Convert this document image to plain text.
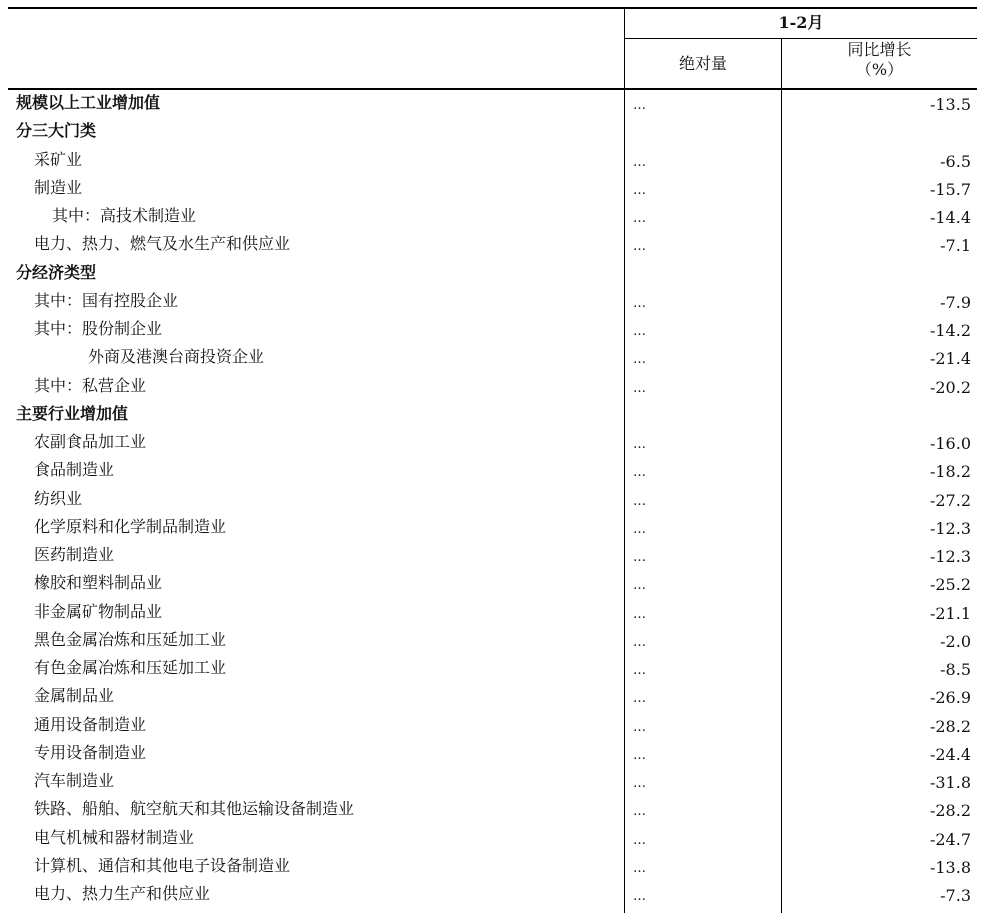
1-2月
绝对量
同比增长
（%）
规模以上工业增加值	…	-13.5
分三大门类
采矿业	…	-6.5
制造业	…	-15.7
其中：高技术制造业	…	-14.4
电力、热力、燃气及水生产和供应业	…	-7.1
分经济类型
其中：国有控股企业	…	-7.9
其中：股份制企业	…	-14.2
外商及港澳台商投资企业	…	-21.4
其中：私营企业	…	-20.2
主要行业增加值
农副食品加工业	…	-16.0
食品制造业	…	-18.2
纺织业	…	-27.2
化学原料和化学制品制造业	…	-12.3
医药制造业	…	-12.3
橡胶和塑料制品业	…	-25.2
非金属矿物制品业	…	-21.1
黑色金属冶炼和压延加工业	…	-2.0
有色金属冶炼和压延加工业	…	-8.5
金属制品业	…	-26.9
通用设备制造业	…	-28.2
专用设备制造业	…	-24.4
汽车制造业	…	-31.8
铁路、船舶、航空航天和其他运输设备制造业	…	-28.2
电气机械和器材制造业	…	-24.7
计算机、通信和其他电子设备制造业	…	-13.8
电力、热力生产和供应业	…	-7.3
